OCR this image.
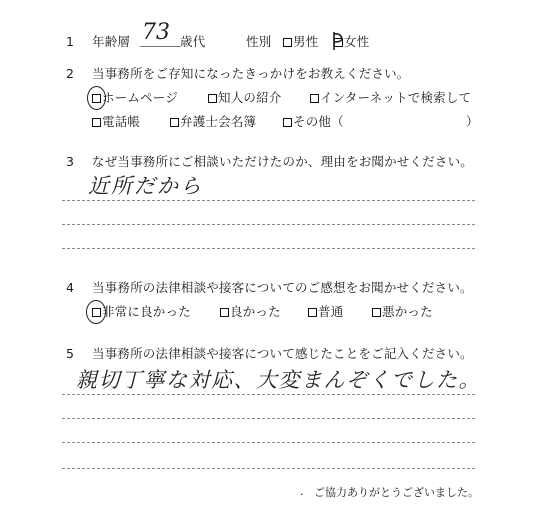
1 年齢層 73 歳代	性別	男性	女性
2 当事務所をご存知になったきっかけをお教えください。
ホームページ	知人の紹介	インターネットで検索して
電話帳	弁護士会名簿	その他（	）
3 なぜ当事務所にご相談いただけたのか、理由をお聞かせください。
近所だから
4 当事務所の法律相談や接客についてのご感想をお聞かせください。
非常に良かった	良かった	普通	悪かった
5 当事務所の法律相談や接客について感じたことをご記入ください。
親切丁寧な対応、大変まんぞくでした。
. ご協力ありがとうございました。
